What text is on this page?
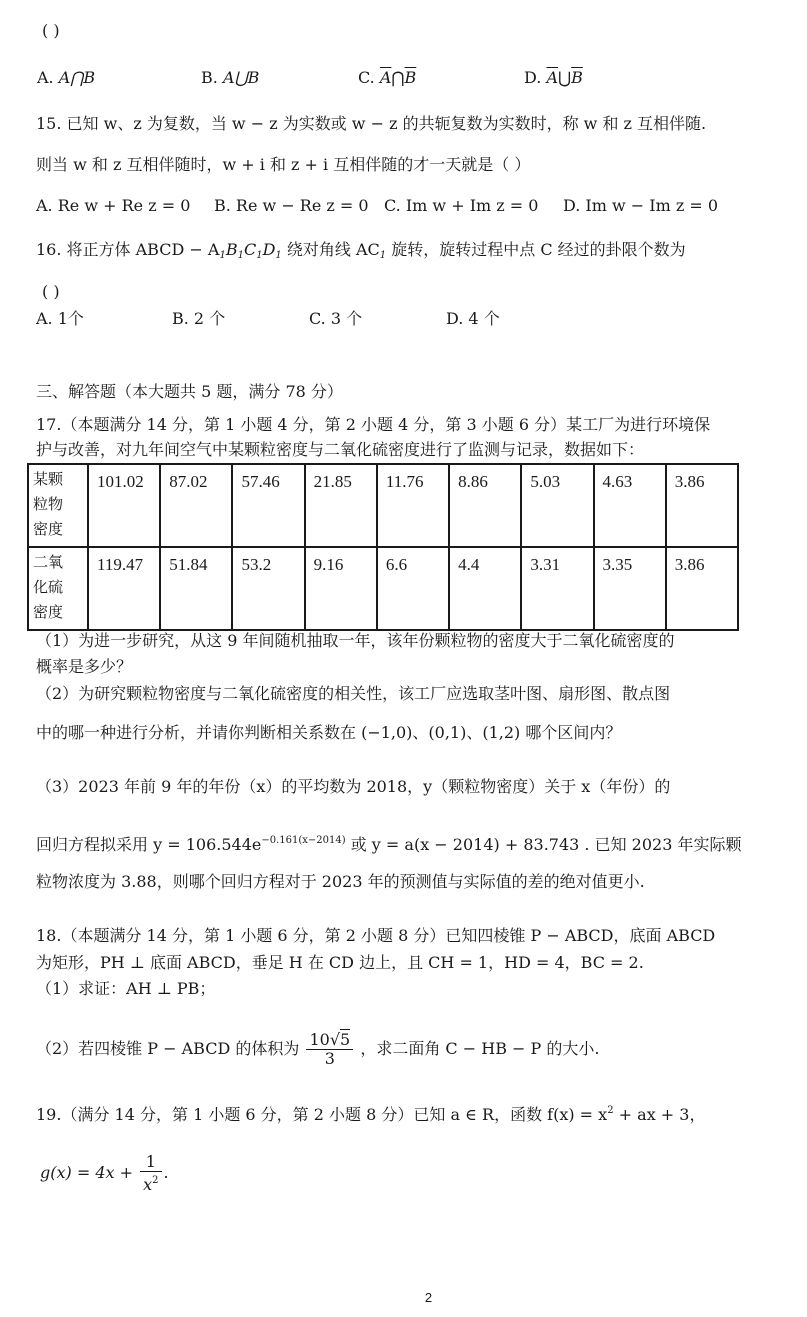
( )
A. A⋂B	B. A⋃B	C. $\overline{A}⋂\overline{B}$	D. $\overline{A}⋃\overline{B}$
15. 已知 w、z 为复数，当 w − z 为实数或 w − z 的共轭复数为实数时，称 w 和 z 互相伴随.
则当 w 和 z 互相伴随时，w + i 和 z + i 互相伴随的才一天就是（ ）
A. Re w + Re z = 0 B. Re w − Re z = 0 C. Im w + Im z = 0 D. Im w − Im z = 0
16. 将正方体 ABCD − $A_1B_1C_1D_1$ 绕对角线 $AC_1$ 旋转，旋转过程中点 C 经过的卦限个数为
( )
A. 1个	B. 2 个	C. 3 个	D. 4 个
三、解答题（本大题共 5 题，满分 78 分）
17.（本题满分 14 分，第 1 小题 4 分，第 2 小题 4 分，第 3 小题 6 分）某工厂为进行环境保
护与改善，对九年间空气中某颗粒密度与二氧化硫密度进行了监测与记录，数据如下：
某颗
粒物
密度	101.02	87.02	57.46	21.85	11.76	8.86	5.03	4.63	3.86

二氧
化硫
密度	119.47	51.84	53.2	9.16	6.6	4.4	3.31	3.35	3.86
（1）为进一步研究，从这 9 年间随机抽取一年，该年份颗粒物的密度大于二氧化硫密度的
概率是多少？
（2）为研究颗粒物密度与二氧化硫密度的相关性，该工厂应选取茎叶图、扇形图、散点图
中的哪一种进行分析，并请你判断相关系数在 (−1,0)、(0,1)、(1,2) 哪个区间内？
（3）2023 年前 9 年的年份（x）的平均数为 2018，y（颗粒物密度）关于 x（年份）的
回归方程拟采用 $y = 106.544e^{-0.161(x-2014)}$ 或 y = a(x − 2014) + 83.743 . 已知 2023 年实际颗
粒物浓度为 3.88，则哪个回归方程对于 2023 年的预测值与实际值的差的绝对值更小.
18.（本题满分 14 分，第 1 小题 6 分，第 2 小题 8 分）已知四棱锥 P − ABCD，底面 ABCD
为矩形，PH ⊥ 底面 ABCD，垂足 H 在 CD 边上，且 CH = 1，HD = 4，BC = 2.
（1）求证：AH ⊥ PB；
（2）若四棱锥 P − ABCD 的体积为 $\frac{10√5}{3}$ ，求二面角 C − HB − P 的大小.
19.（满分 14 分，第 1 小题 6 分，第 2 小题 8 分）已知 a ∈ R，函数 $f(x) = x^2$ + ax + 3，
$g(x) = 4x + \frac{1}{x^2}$ .
2
